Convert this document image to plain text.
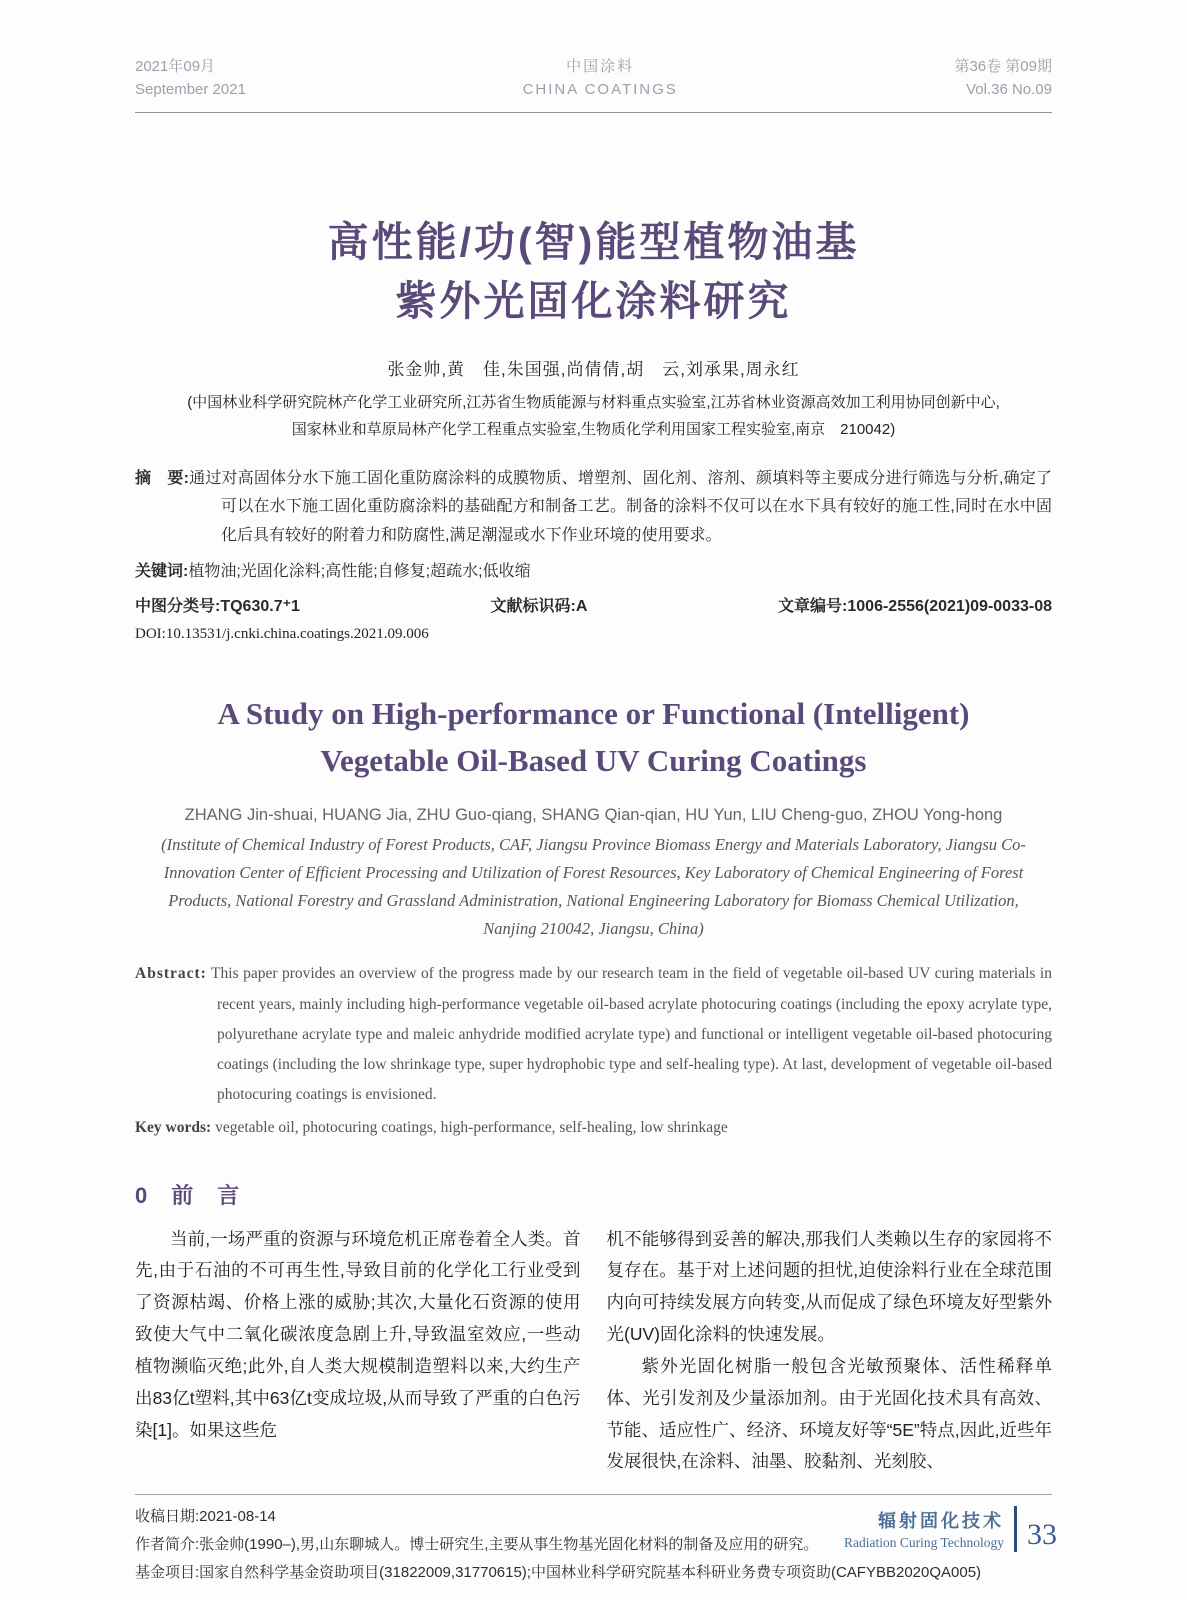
2021年09月
September 2021
中国涂料
CHINA COATINGS
第36卷 第09期
Vol.36 No.09
高性能/功(智)能型植物油基
紫外光固化涂料研究
张金帅,黄　佳,朱国强,尚倩倩,胡　云,刘承果,周永红
(中国林业科学研究院林产化学工业研究所,江苏省生物质能源与材料重点实验室,江苏省林业资源高效加工利用协同创新中心,
国家林业和草原局林产化学工程重点实验室,生物质化学利用国家工程实验室,南京　210042)
摘　要:通过对高固体分水下施工固化重防腐涂料的成膜物质、增塑剂、固化剂、溶剂、颜填料等主要成分进行筛选与分析,确定了可以在水下施工固化重防腐涂料的基础配方和制备工艺。制备的涂料不仅可以在水下具有较好的施工性,同时在水中固化后具有较好的附着力和防腐性,满足潮湿或水下作业环境的使用要求。
关键词:植物油;光固化涂料;高性能;自修复;超疏水;低收缩
中图分类号:TQ630.7⁺1	文献标识码:A	文章编号:1006-2556(2021)09-0033-08
DOI:10.13531/j.cnki.china.coatings.2021.09.006
A Study on High-performance or Functional (Intelligent)
Vegetable Oil-Based UV Curing Coatings
ZHANG Jin-shuai, HUANG Jia, ZHU Guo-qiang, SHANG Qian-qian, HU Yun, LIU Cheng-guo, ZHOU Yong-hong
(Institute of Chemical Industry of Forest Products, CAF, Jiangsu Province Biomass Energy and Materials Laboratory, Jiangsu Co-
Innovation Center of Efficient Processing and Utilization of Forest Resources, Key Laboratory of Chemical Engineering of Forest
Products, National Forestry and Grassland Administration, National Engineering Laboratory for Biomass Chemical Utilization,
Nanjing 210042, Jiangsu, China)
Abstract: This paper provides an overview of the progress made by our research team in the field of vegetable oil-based UV curing materials in recent years, mainly including high-performance vegetable oil-based acrylate photocuring coatings (including the epoxy acrylate type, polyurethane acrylate type and maleic anhydride modified acrylate type) and functional or intelligent vegetable oil-based photocuring coatings (including the low shrinkage type, super hydrophobic type and self-healing type). At last, development of vegetable oil-based photocuring coatings is envisioned.
Key words: vegetable oil, photocuring coatings, high-performance, self-healing, low shrinkage
0　前　言

当前,一场严重的资源与环境危机正席卷着全人类。首先,由于石油的不可再生性,导致目前的化学化工行业受到了资源枯竭、价格上涨的威胁;其次,大量化石资源的使用致使大气中二氧化碳浓度急剧上升,导致温室效应,一些动植物濒临灭绝;此外,自人类大规模制造塑料以来,大约生产出83亿t塑料,其中63亿t变成垃圾,从而导致了严重的白色污染[1]。如果这些危

机不能够得到妥善的解决,那我们人类赖以生存的家园将不复存在。基于对上述问题的担忧,迫使涂料行业在全球范围内向可持续发展方向转变,从而促成了绿色环境友好型紫外光(UV)固化涂料的快速发展。

紫外光固化树脂一般包含光敏预聚体、活性稀释单体、光引发剂及少量添加剂。由于光固化技术具有高效、节能、适应性广、经济、环境友好等“5E”特点,因此,近些年发展很快,在涂料、油墨、胶黏剂、光刻胶、

收稿日期:2021-08-14
作者简介:张金帅(1990–),男,山东聊城人。博士研究生,主要从事生物基光固化材料的制备及应用的研究。
基金项目:国家自然科学基金资助项目(31822009,31770615);中国林业科学研究院基本科研业务费专项资助(CAFYBB2020QA005)
辐射固化技术
Radiation Curing Technology 33
